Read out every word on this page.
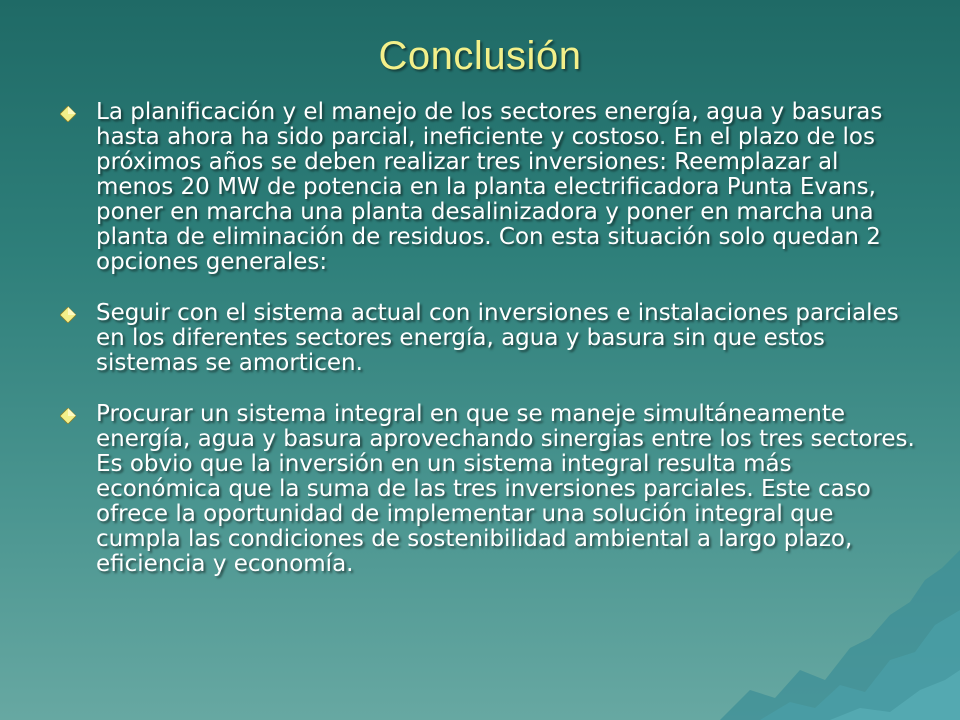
Conclusión
La planificación y el manejo de los sectores energía, agua y basuras hasta ahora ha sido parcial, ineficiente y costoso. En el plazo de los próximos años se deben realizar tres inversiones: Reemplazar al menos 20 MW de potencia en la planta electrificadora Punta Evans, poner en marcha una planta desalinizadora y poner en marcha una planta de eliminación de residuos. Con esta situación solo quedan 2 opciones generales:
Seguir con el sistema actual con inversiones e instalaciones parciales en los diferentes sectores energía, agua y basura sin que estos sistemas se amorticen.
Procurar un sistema integral en que se maneje simultáneamente energía, agua y basura aprovechando sinergias entre los tres sectores. Es obvio que la inversión en un sistema integral resulta más económica que la suma de las tres inversiones parciales. Este caso ofrece la oportunidad de implementar una solución integral que cumpla las condiciones de sostenibilidad ambiental a largo plazo, eficiencia y economía.
